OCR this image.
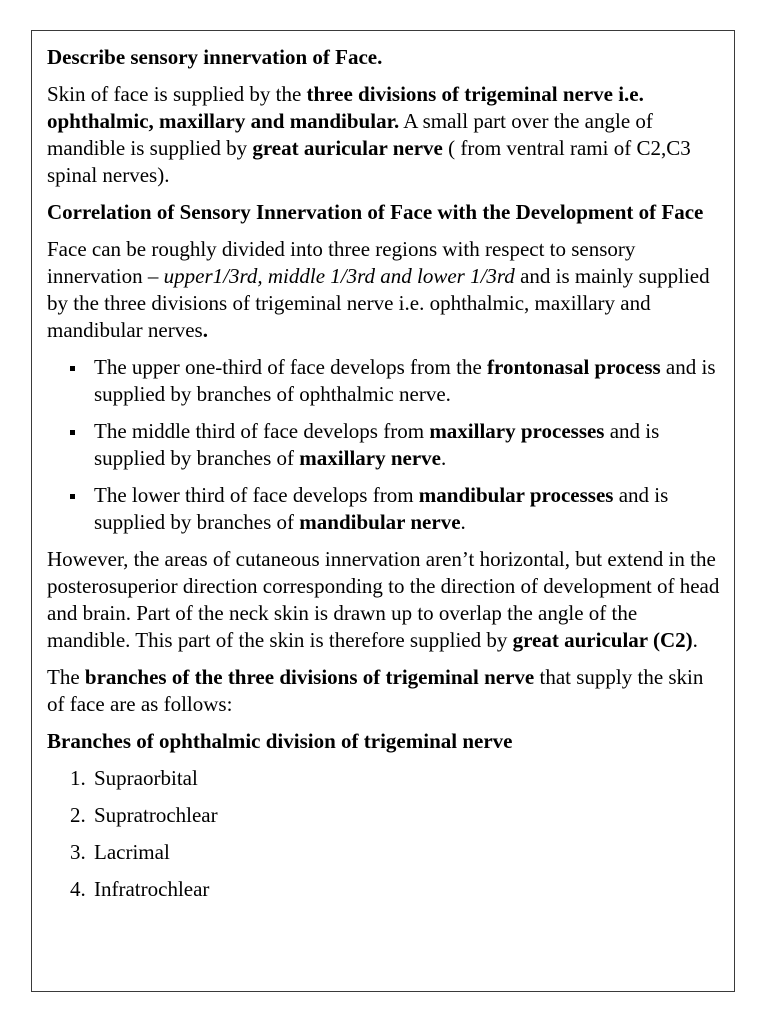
Describe sensory innervation of Face.

Skin of face is supplied by the three divisions of trigeminal nerve i.e. ophthalmic, maxillary and mandibular. A small part over the angle of mandible is supplied by great auricular nerve ( from ventral rami of C2,C3 spinal nerves).

Correlation of Sensory Innervation of Face with the Development of Face

Face can be roughly divided into three regions with respect to sensory innervation – upper1/3rd, middle 1/3rd and lower 1/3rd and is mainly supplied by the three divisions of trigeminal nerve i.e. ophthalmic, maxillary and mandibular nerves.

The upper one-third of face develops from the frontonasal process and is supplied by branches of ophthalmic nerve.
The middle third of face develops from maxillary processes and is supplied by branches of maxillary nerve.
The lower third of face develops from mandibular processes and is supplied by branches of mandibular nerve.

However, the areas of cutaneous innervation aren’t horizontal, but extend in the posterosuperior direction corresponding to the direction of development of head and brain. Part of the neck skin is drawn up to overlap the angle of the mandible. This part of the skin is therefore supplied by great auricular (C2).

The branches of the three divisions of trigeminal nerve that supply the skin of face are as follows:

Branches of ophthalmic division of trigeminal nerve

1. Supraorbital
2. Supratrochlear
3. Lacrimal
4. Infratrochlear
